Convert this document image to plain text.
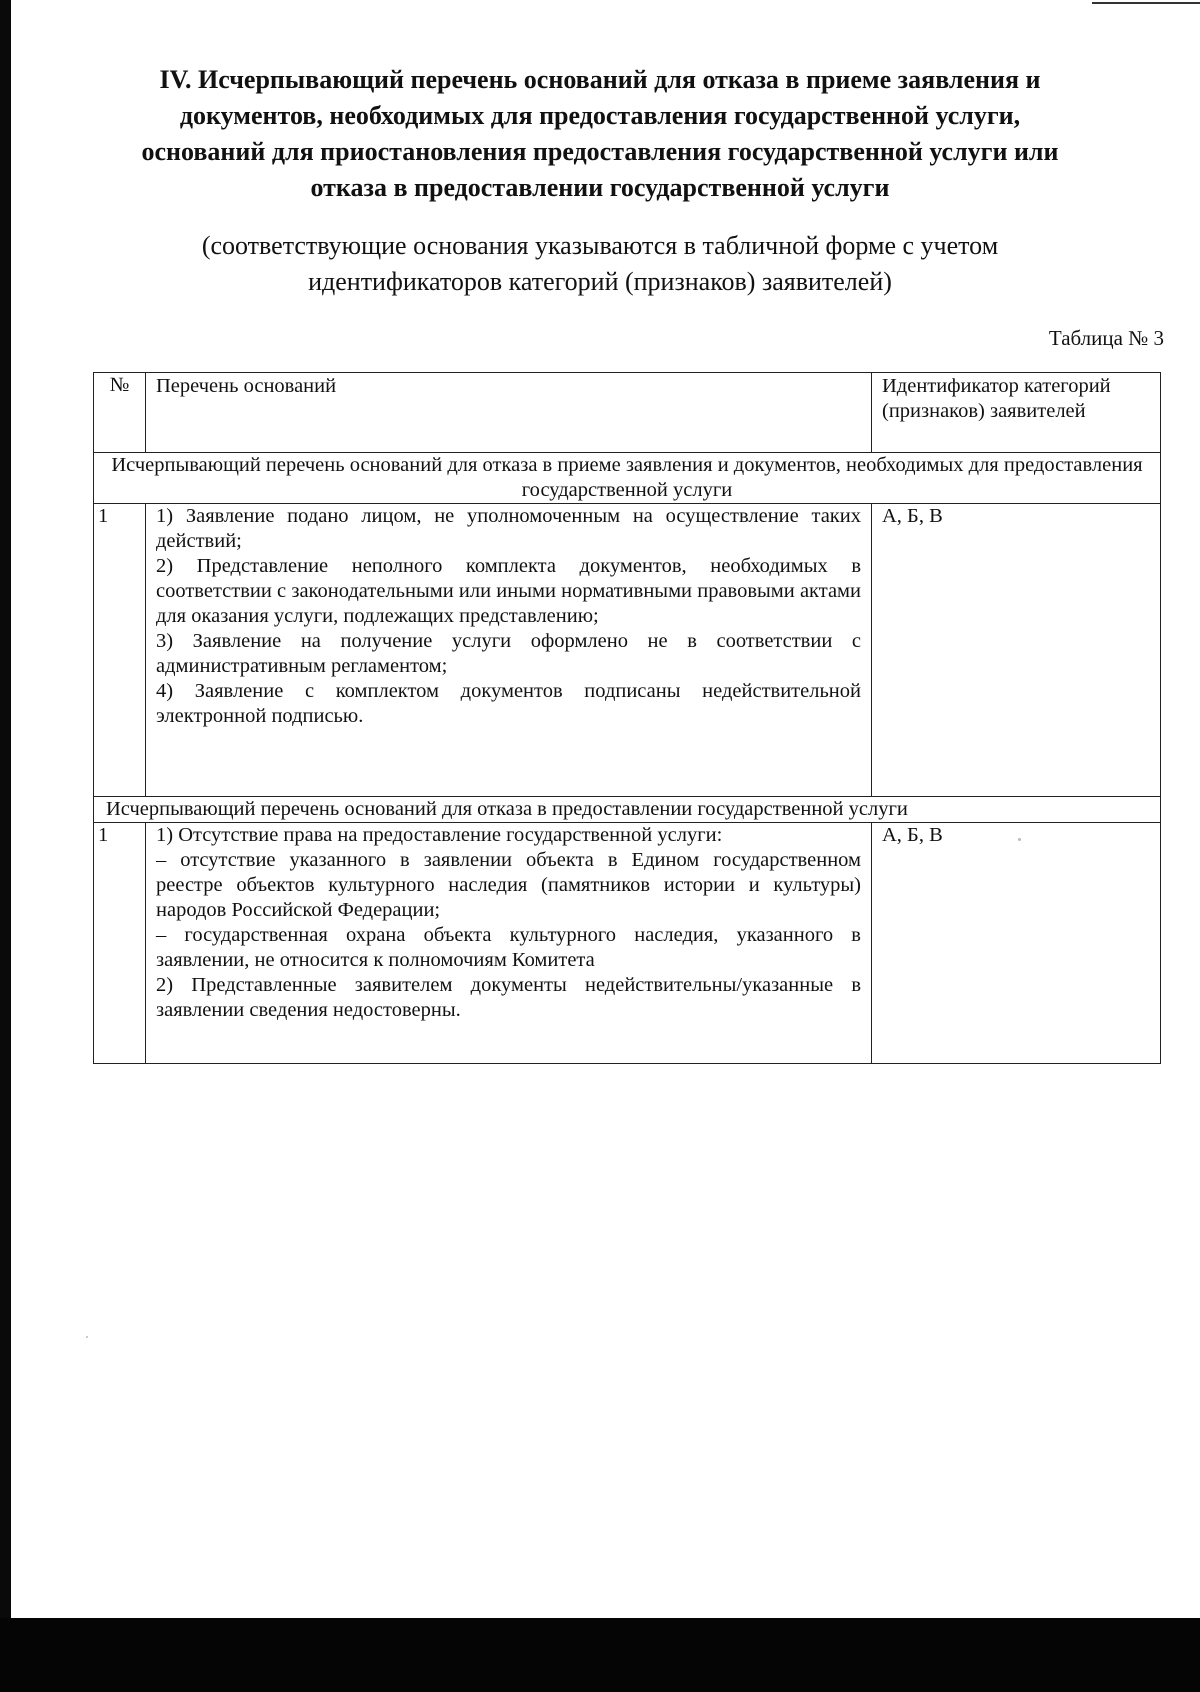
IV. Исчерпывающий перечень оснований для отказа в приеме заявления и
документов, необходимых для предоставления государственной услуги,
оснований для приостановления предоставления государственной услуги или
отказа в предоставлении государственной услуги
(соответствующие основания указываются в табличной форме с учетом
идентификаторов категорий (признаков) заявителей)
Таблица № 3
№	Перечень оснований	Идентификатор категорий (признаков) заявителей
Исчерпывающий перечень оснований для отказа в приеме заявления и документов, необходимых для предоставления государственной услуги		
1	1) Заявление подано лицом, не уполномоченным на осуществление таких действий;

2) Представление неполного комплекта документов, необходимых в соответствии с законодательными или иными нормативными правовыми актами для оказания услуги, подлежащих представлению;

3) Заявление на получение услуги оформлено не в соответствии с административным регламентом;

4) Заявление с комплектом документов подписаны недействительной электронной подписью.	А, Б, В
Исчерпывающий перечень оснований для отказа в предоставлении государственной услуги		
1	1) Отсутствие права на предоставление государственной услуги:

– отсутствие указанного в заявлении объекта в Едином государственном реестре объектов культурного наследия (памятников истории и культуры) народов Российской Федерации;

– государственная охрана объекта культурного наследия, указанного в заявлении, не относится к полномочиям Комитета

2) Представленные заявителем документы недействительны/указанные в заявлении сведения недостоверны.	А, Б, В
